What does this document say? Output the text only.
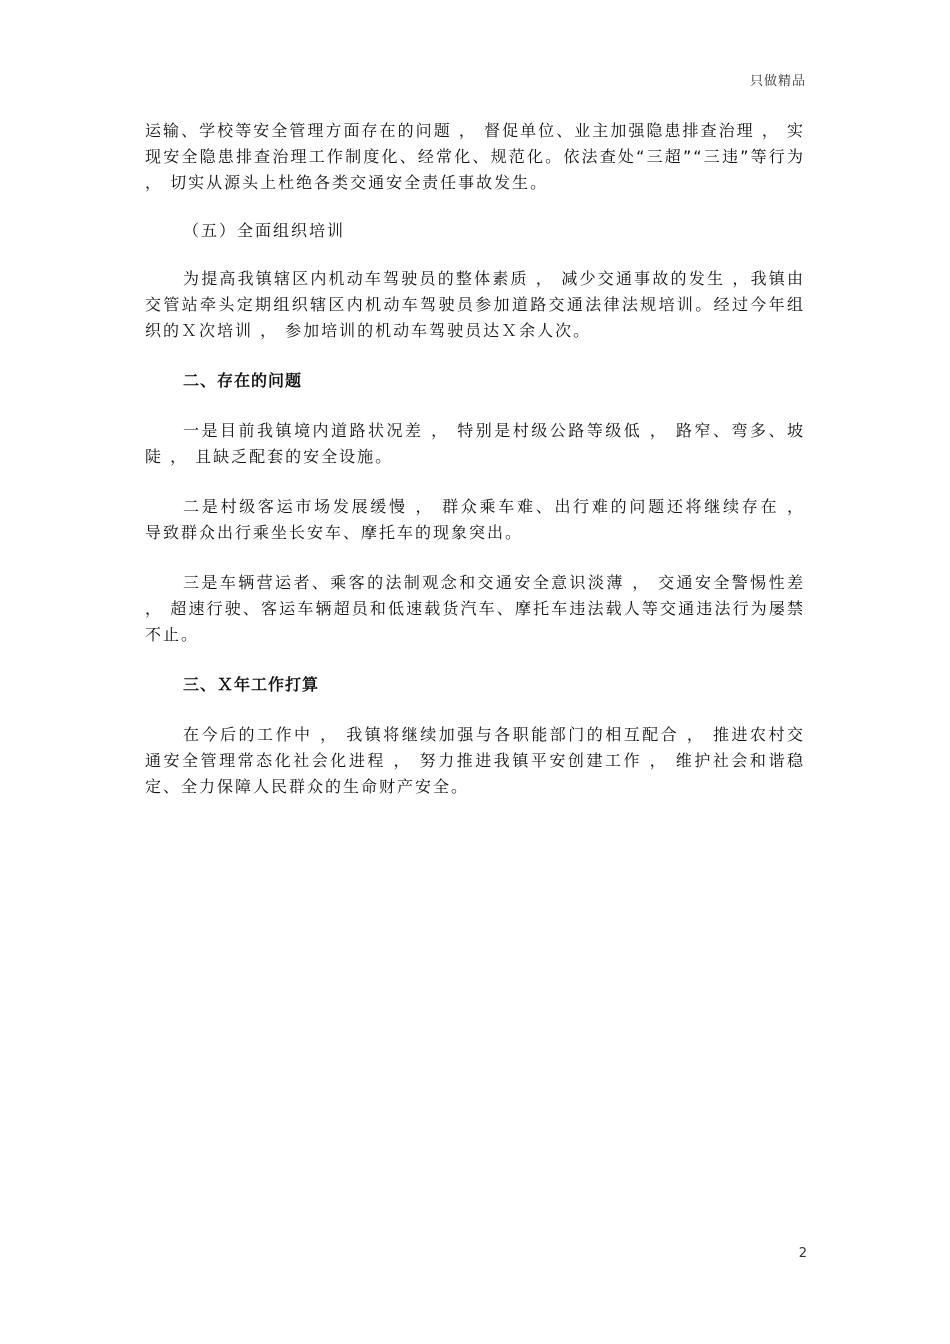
只做精品

运输、学校等安全管理方面存在的问题 ， 督促单位、业主加强隐患排查治理 ， 实现安全隐患排查治理工作制度化、经常化、规范化。依法查处“三超”“三违”等行为 ， 切实从源头上杜绝各类交通安全责任事故发生。

（五）全面组织培训

为提高我镇辖区内机动车驾驶员的整体素质 ， 减少交通事故的发生 ，我镇由交管站牵头定期组织辖区内机动车驾驶员参加道路交通法律法规培训。经过今年组织的Ｘ次培训 ， 参加培训的机动车驾驶员达Ｘ余人次。

二、存在的问题

一是目前我镇境内道路状况差 ， 特别是村级公路等级低 ， 路窄、弯多、坡陡 ， 且缺乏配套的安全设施。

二是村级客运市场发展缓慢 ， 群众乘车难、出行难的问题还将继续存在 ， 导致群众出行乘坐长安车、摩托车的现象突出。

三是车辆营运者、乘客的法制观念和交通安全意识淡薄 ， 交通安全警惕性差 ， 超速行驶、客运车辆超员和低速载货汽车、摩托车违法载人等交通违法行为屡禁不止。

三、Ｘ年工作打算

在今后的工作中 ， 我镇将继续加强与各职能部门的相互配合 ， 推进农村交通安全管理常态化社会化进程 ， 努力推进我镇平安创建工作 ， 维护社会和谐稳定、全力保障人民群众的生命财产安全。

2
